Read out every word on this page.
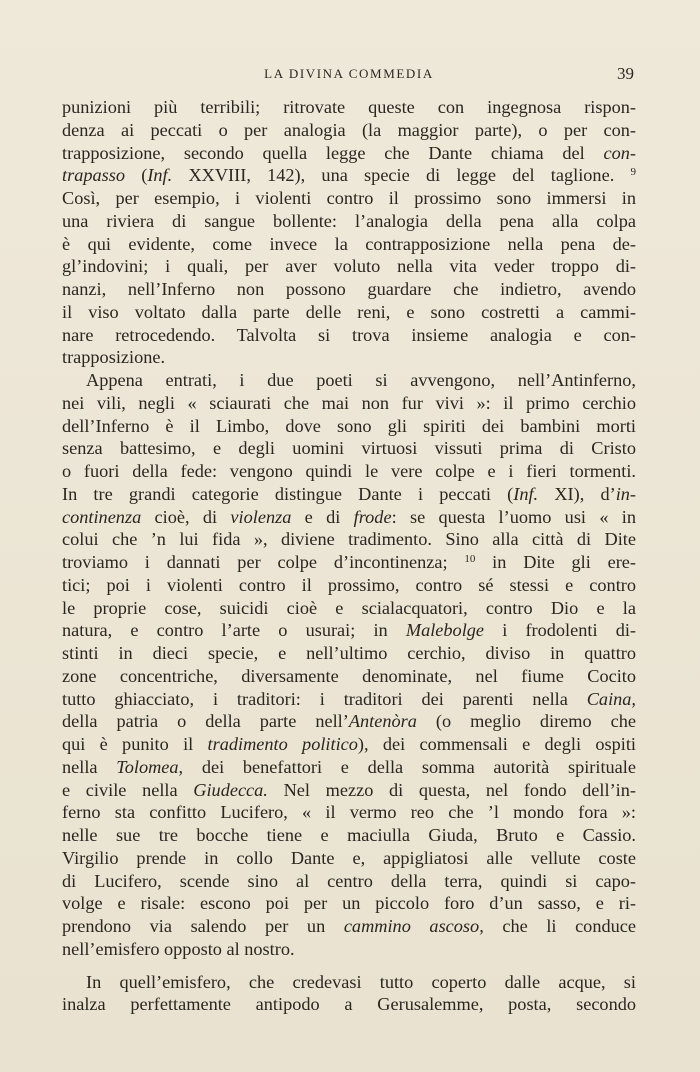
LA DIVINA COMMEDIA	39
punizioni più terribili; ritrovate queste con ingegnosa rispon-
denza ai peccati o per analogia (la maggior parte), o per con-
trapposizione, secondo quella legge che Dante chiama del con-
trapasso (Inf. XXVIII, 142), una specie di legge del taglione. $^9$
Così, per esempio, i violenti contro il prossimo sono immersi in
una riviera di sangue bollente: l’analogia della pena alla colpa
è qui evidente, come invece la contrapposizione nella pena de-
gl’indovini; i quali, per aver voluto nella vita veder troppo di-
nanzi, nell’Inferno non possono guardare che indietro, avendo
il viso voltato dalla parte delle reni, e sono costretti a cammi-
nare retrocedendo. Talvolta si trova insieme analogia e con-
trapposizione.
Appena entrati, i due poeti si avvengono, nell’Antinferno,
nei vili, negli « sciaurati che mai non fur vivi »: il primo cerchio
dell’Inferno è il Limbo, dove sono gli spiriti dei bambini morti
senza battesimo, e degli uomini virtuosi vissuti prima di Cristo
o fuori della fede: vengono quindi le vere colpe e i fieri tormenti.
In tre grandi categorie distingue Dante i peccati (Inf. XI), d’in-
continenza cioè, di violenza e di frode: se questa l’uomo usi « in
colui che ’n lui fida », diviene tradimento. Sino alla città di Dite
troviamo i dannati per colpe d’incontinenza; $^{10}$ in Dite gli ere-
tici; poi i violenti contro il prossimo, contro sé stessi e contro
le proprie cose, suicidi cioè e scialacquatori, contro Dio e la
natura, e contro l’arte o usurai; in Malebolge i frodolenti di-
stinti in dieci specie, e nell’ultimo cerchio, diviso in quattro
zone concentriche, diversamente denominate, nel fiume Cocito
tutto ghiacciato, i traditori: i traditori dei parenti nella Caina,
della patria o della parte nell’Antenòra (o meglio diremo che
qui è punito il tradimento politico), dei commensali e degli ospiti
nella Tolomea, dei benefattori e della somma autorità spirituale
e civile nella Giudecca. Nel mezzo di questa, nel fondo dell’in-
ferno sta confitto Lucifero, « il vermo reo che ’l mondo fora »:
nelle sue tre bocche tiene e maciulla Giuda, Bruto e Cassio.
Virgilio prende in collo Dante e, appigliatosi alle vellute coste
di Lucifero, scende sino al centro della terra, quindi si capo-
volge e risale: escono poi per un piccolo foro d’un sasso, e ri-
prendono via salendo per un cammino ascoso, che li conduce
nell’emisfero opposto al nostro.
In quell’emisfero, che credevasi tutto coperto dalle acque, si
inalza perfettamente antipodo a Gerusalemme, posta, secondo
